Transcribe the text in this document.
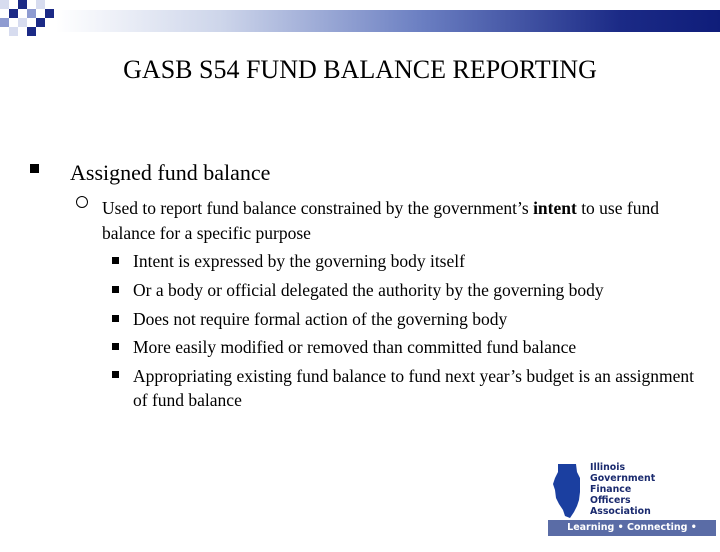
GASB S54 FUND BALANCE REPORTING
Assigned fund balance
Used to report fund balance constrained by the government’s intent to use fund balance for a specific purpose
Intent is expressed by the governing body itself
Or a body or official delegated the authority by the governing body
Does not require formal action of the governing body
More easily modified or removed than committed fund balance
Appropriating existing fund balance to fund next year’s budget is an assignment of fund balance
Illinois
Government
Finance
Officers
Association
Learning • Connecting • Progressing
